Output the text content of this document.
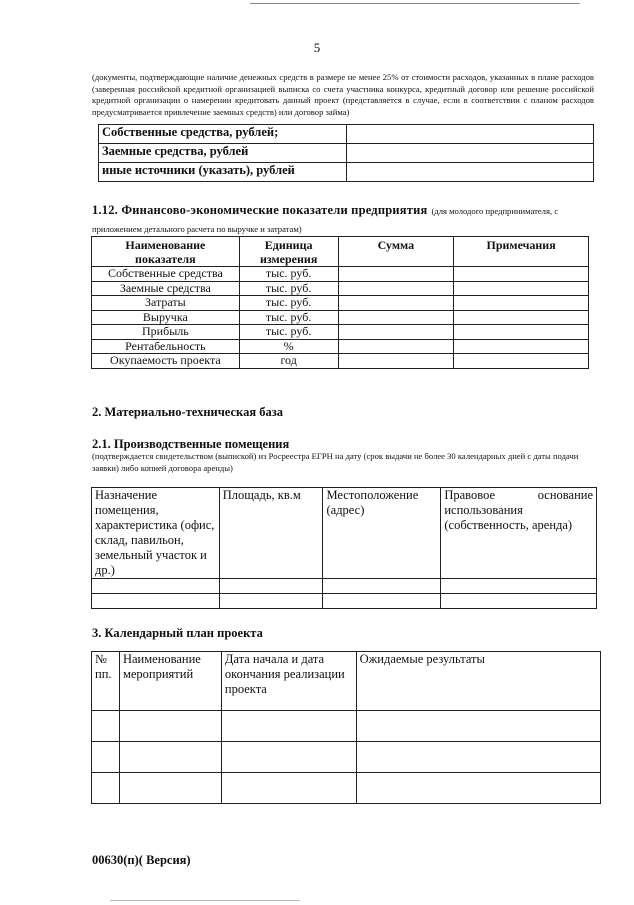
5
(документы, подтверждающие наличие денежных средств в размере не менее 25% от стоимости расходов, указанных в плане расходов (заверенная российской кредитной организацией выписка со счета участника конкурса, кредитный договор или решение российской кредитной организации о намерении кредитовать данный проект (представляется в случае, если в соответствии с планом расходов предусматривается привлечение заемных средств) или договор займа)
Собственные средства, рублей;	
Заемные средства, рублей	
иные источники (указать), рублей	
1.12. Финансово-экономические показатели предприятия (для молодого предпринимателя, с приложением детального расчета по выручке и затратам)
Наименование показателя	Единица измерения	Сумма	Примечания
Собственные средства	тыс. руб.		
Заемные средства	тыс. руб.		
Затраты	тыс. руб.		
Выручка	тыс. руб.		
Прибыль	тыс. руб.		
Рентабельность	%		
Окупаемость проекта	год		
2. Материально-техническая база
2.1. Производственные помещения
(подтверждается свидетельством (выпиской) из Росреестра ЕГРН на дату (срок выдачи не более 30 календарных дней с даты подачи заявки) либо копией договора аренды)
Назначение помещения, характеристика (офис, склад, павильон, земельный участок и др.)	Площадь, кв.м	Местоположение (адрес)	Правовое основание использования (собственность, аренда)

3. Календарный план проекта
№ пп.	Наименование мероприятий	Дата начала и дата окончания реализации проекта	Ожидаемые результаты

00630(п)( Версия)
